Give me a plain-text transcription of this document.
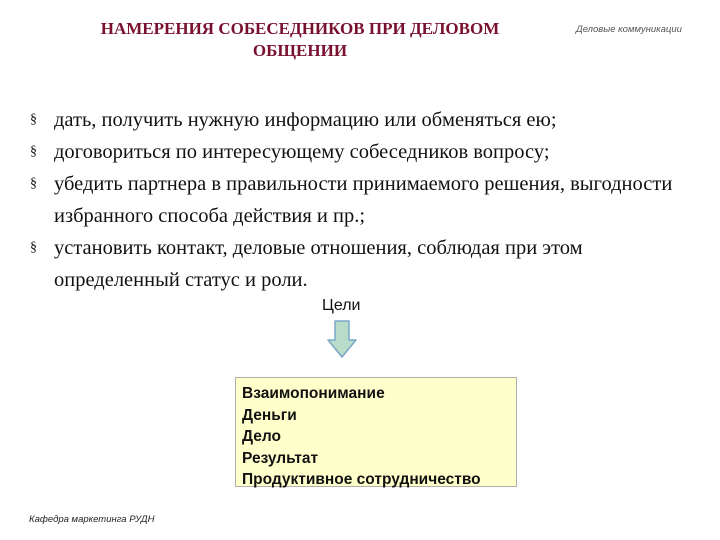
НАМЕРЕНИЯ СОБЕСЕДНИКОВ ПРИ ДЕЛОВОМ
ОБЩЕНИИ
Деловые коммуникации
§ дать, получить нужную информацию или обменяться ею;
§ договориться по интересующему собеседников вопросу;
§ убедить партнера в правильности принимаемого решения, выгодности избранного способа действия и пр.;
§ установить контакт, деловые отношения, соблюдая при этом определенный статус и роли.
Цели
Взаимопонимание
Деньги
Дело
Результат
Продуктивное сотрудничество
Кафедра маркетинга РУДН
